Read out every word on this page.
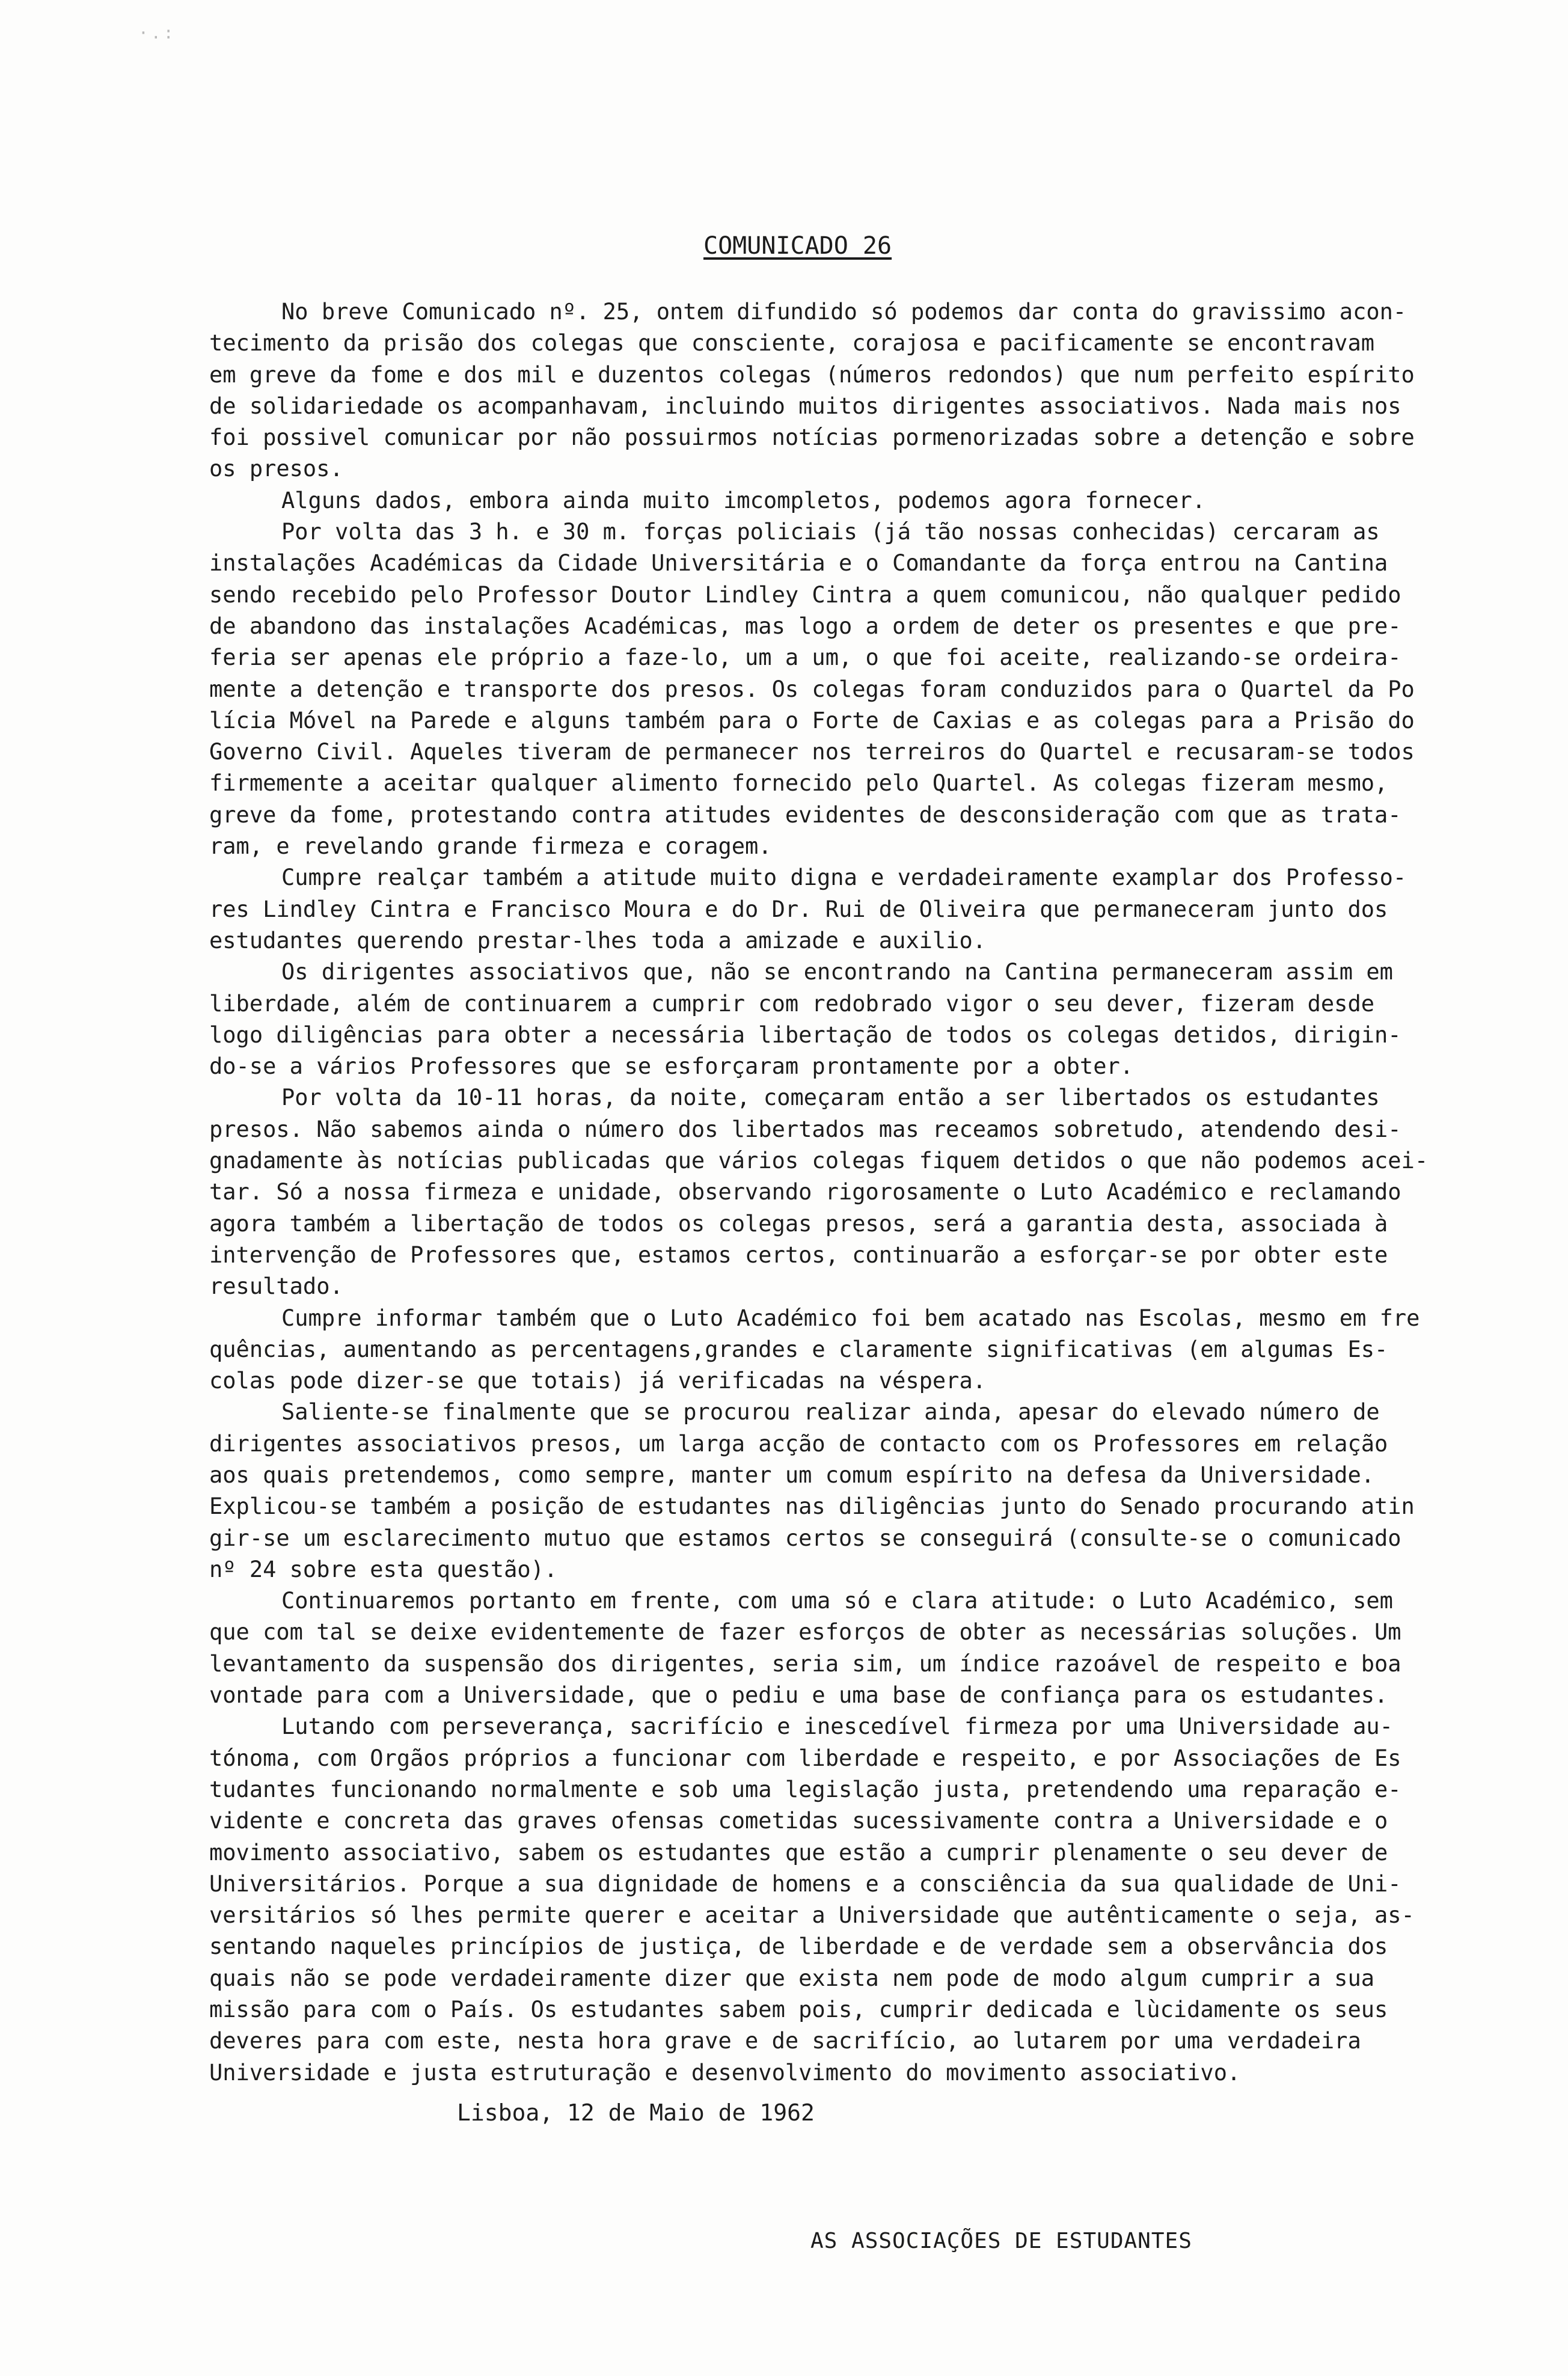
·.:
COMUNICADO 26
No breve Comunicado nº. 25, ontem difundido só podemos dar conta do gravissimo acon-
tecimento da prisão dos colegas que consciente, corajosa e pacificamente se encontravam
em greve da fome e dos mil e duzentos colegas (números redondos) que num perfeito espírito
de solidariedade os acompanhavam, incluindo muitos dirigentes associativos. Nada mais nos
foi possivel comunicar por não possuirmos notícias pormenorizadas sobre a detenção e sobre
os presos.
Alguns dados, embora ainda muito imcompletos, podemos agora fornecer.
Por volta das 3 h. e 30 m. forças policiais (já tão nossas conhecidas) cercaram as
instalações Académicas da Cidade Universitária e o Comandante da força entrou na Cantina
sendo recebido pelo Professor Doutor Lindley Cintra a quem comunicou, não qualquer pedido
de abandono das instalações Académicas, mas logo a ordem de deter os presentes e que pre-
feria ser apenas ele próprio a faze-lo, um a um, o que foi aceite, realizando-se ordeira-
mente a detenção e transporte dos presos. Os colegas foram conduzidos para o Quartel da Po
lícia Móvel na Parede e alguns também para o Forte de Caxias e as colegas para a Prisão do
Governo Civil. Aqueles tiveram de permanecer nos terreiros do Quartel e recusaram-se todos
firmemente a aceitar qualquer alimento fornecido pelo Quartel. As colegas fizeram mesmo,
greve da fome, protestando contra atitudes evidentes de desconsideração com que as trata-
ram, e revelando grande firmeza e coragem.
Cumpre realçar também a atitude muito digna e verdadeiramente examplar dos Professo-
res Lindley Cintra e Francisco Moura e do Dr. Rui de Oliveira que permaneceram junto dos
estudantes querendo prestar-lhes toda a amizade e auxilio.
Os dirigentes associativos que, não se encontrando na Cantina permaneceram assim em
liberdade, além de continuarem a cumprir com redobrado vigor o seu dever, fizeram desde
logo diligências para obter a necessária libertação de todos os colegas detidos, dirigin-
do-se a vários Professores que se esforçaram prontamente por a obter.
Por volta da 10-11 horas, da noite, começaram então a ser libertados os estudantes
presos. Não sabemos ainda o número dos libertados mas receamos sobretudo, atendendo desi-
gnadamente às notícias publicadas que vários colegas fiquem detidos o que não podemos acei-
tar. Só a nossa firmeza e unidade, observando rigorosamente o Luto Académico e reclamando
agora também a libertação de todos os colegas presos, será a garantia desta, associada à
intervenção de Professores que, estamos certos, continuarão a esforçar-se por obter este
resultado.
Cumpre informar também que o Luto Académico foi bem acatado nas Escolas, mesmo em fre
quências, aumentando as percentagens,grandes e claramente significativas (em algumas Es-
colas pode dizer-se que totais) já verificadas na véspera.
Saliente-se finalmente que se procurou realizar ainda, apesar do elevado número de
dirigentes associativos presos, um larga acção de contacto com os Professores em relação
aos quais pretendemos, como sempre, manter um comum espírito na defesa da Universidade.
Explicou-se também a posição de estudantes nas diligências junto do Senado procurando atin
gir-se um esclarecimento mutuo que estamos certos se conseguirá (consulte-se o comunicado
nº 24 sobre esta questão).
Continuaremos portanto em frente, com uma só e clara atitude: o Luto Académico, sem
que com tal se deixe evidentemente de fazer esforços de obter as necessárias soluções. Um
levantamento da suspensão dos dirigentes, seria sim, um índice razoável de respeito e boa
vontade para com a Universidade, que o pediu e uma base de confiança para os estudantes.
Lutando com perseverança, sacrifício e inescedível firmeza por uma Universidade au-
tónoma, com Orgãos próprios a funcionar com liberdade e respeito, e por Associações de Es
tudantes funcionando normalmente e sob uma legislação justa, pretendendo uma reparação e-
vidente e concreta das graves ofensas cometidas sucessivamente contra a Universidade e o
movimento associativo, sabem os estudantes que estão a cumprir plenamente o seu dever de
Universitários. Porque a sua dignidade de homens e a consciência da sua qualidade de Uni-
versitários só lhes permite querer e aceitar a Universidade que autênticamente o seja, as-
sentando naqueles princípios de justiça, de liberdade e de verdade sem a observância dos
quais não se pode verdadeiramente dizer que exista nem pode de modo algum cumprir a sua
missão para com o País. Os estudantes sabem pois, cumprir dedicada e lùcidamente os seus
deveres para com este, nesta hora grave e de sacrifício, ao lutarem por uma verdadeira
Universidade e justa estruturação e desenvolvimento do movimento associativo.
Lisboa, 12 de Maio de 1962
AS ASSOCIAÇÕES DE ESTUDANTES
